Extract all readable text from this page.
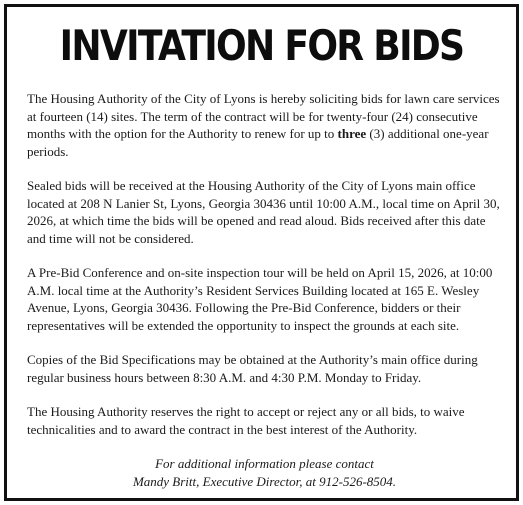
INVITATION FOR BIDS

The Housing Authority of the City of Lyons is hereby soliciting bids for lawn care services at fourteen (14) sites. The term of the contract will be for twenty-four (24) consecutive months with the option for the Authority to renew for up to three (3) additional one-year periods.

Sealed bids will be received at the Housing Authority of the City of Lyons main office located at 208 N Lanier St, Lyons, Georgia 30436 until 10:00 A.M., local time on April 30, 2026, at which time the bids will be opened and read aloud. Bids received after this date and time will not be considered.

A Pre-Bid Conference and on-site inspection tour will be held on April 15, 2026, at 10:00 A.M. local time at the Authority’s Resident Services Building located at 165 E. Wesley Avenue, Lyons, Georgia 30436. Following the Pre-Bid Conference, bidders or their representatives will be extended the opportunity to inspect the grounds at each site.

Copies of the Bid Specifications may be obtained at the Authority’s main office during regular business hours between 8:30 A.M. and 4:30 P.M. Monday to Friday.

The Housing Authority reserves the right to accept or reject any or all bids, to waive technicalities and to award the contract in the best interest of the Authority.

For additional information please contact
Mandy Britt, Executive Director, at 912-526-8504.
